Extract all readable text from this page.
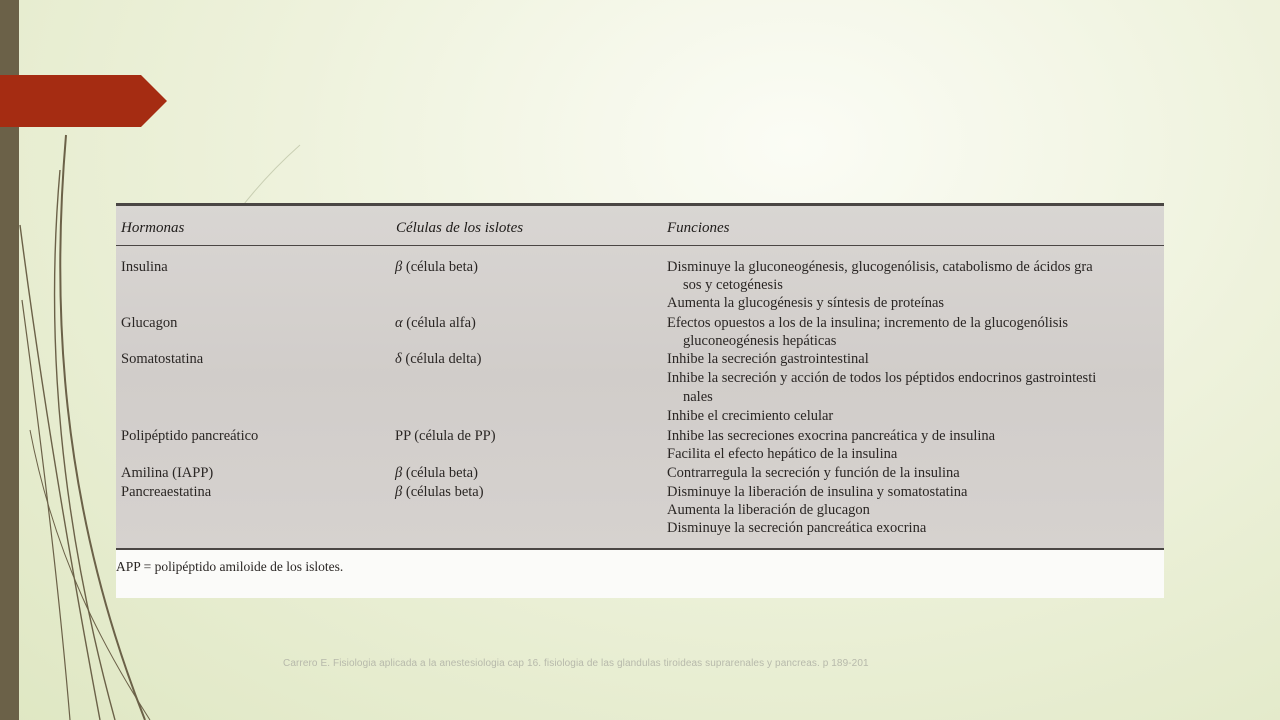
Hormonas	Células de los islotes	Funciones
Insulina	β (célula beta)	Disminuye la gluconeogénesis, glucogenólisis, catabolismo de ácidos gra
sos y cetogénesis
Aumenta la glucogénesis y síntesis de proteínas
Glucagon	α (célula alfa)	Efectos opuestos a los de la insulina; incremento de la glucogenólisis
gluconeogénesis hepáticas
Somatostatina	δ (célula delta)	Inhibe la secreción gastrointestinal
Inhibe la secreción y acción de todos los péptidos endocrinos gastrointesti
nales
Inhibe el crecimiento celular
Polipéptido pancreático	PP (célula de PP)	Inhibe las secreciones exocrina pancreática y de insulina
Facilita el efecto hepático de la insulina
Amilina (IAPP)	β (célula beta)	Contrarregula la secreción y función de la insulina
Pancreaestatina	β (células beta)	Disminuye la liberación de insulina y somatostatina
Aumenta la liberación de glucagon
Disminuye la secreción pancreática exocrina
APP = polipéptido amiloide de los islotes.
Carrero E. Fisiologia aplicada a la anestesiologia cap 16. fisiologia de las glandulas tiroideas suprarenales y pancreas. p 189-201
